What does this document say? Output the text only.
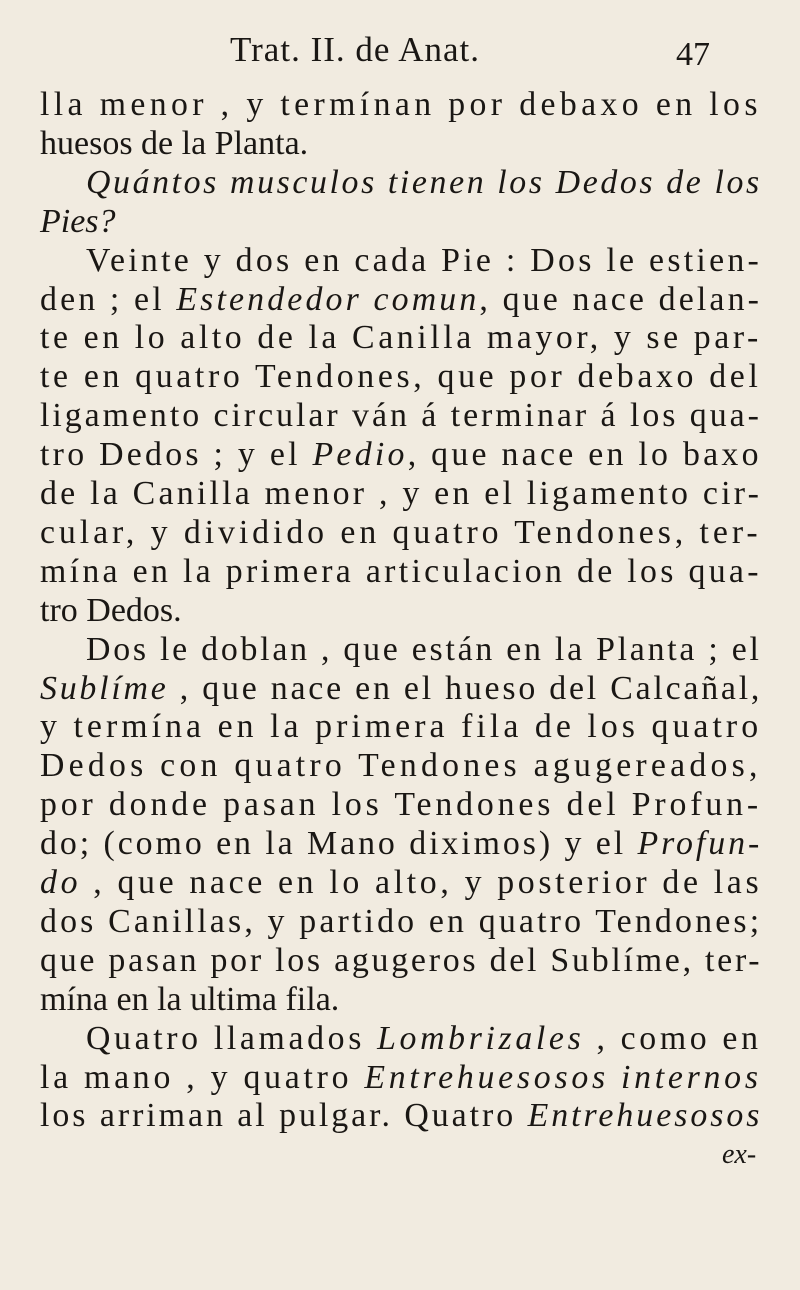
Trat. II. de Anat.	47
lla menor , y termínan por debaxo en los
huesos de la Planta.
Quántos musculos tienen los Dedos de los
Pies?
Veinte y dos en cada Pie : Dos le estien-
den ; el Estendedor comun, que nace delan-
te en lo alto de la Canilla mayor, y se par-
te en quatro Tendones, que por debaxo del
ligamento circular ván á terminar á los qua-
tro Dedos ; y el Pedio, que nace en lo baxo
de la Canilla menor , y en el ligamento cir-
cular, y dividido en quatro Tendones, ter-
mína en la primera articulacion de los qua-
tro Dedos.
Dos le doblan , que están en la Planta ; el
Sublíme , que nace en el hueso del Calcañal,
y termína en la primera fila de los quatro
Dedos con quatro Tendones agugereados,
por donde pasan los Tendones del Profun-
do; (como en la Mano diximos) y el Profun-
do , que nace en lo alto, y posterior de las
dos Canillas, y partido en quatro Tendones;
que pasan por los agugeros del Sublíme, ter-
mína en la ultima fila.
Quatro llamados Lombrizales , como en
la mano , y quatro Entrehuesosos internos
los arriman al pulgar. Quatro Entrehuesosos
ex-
